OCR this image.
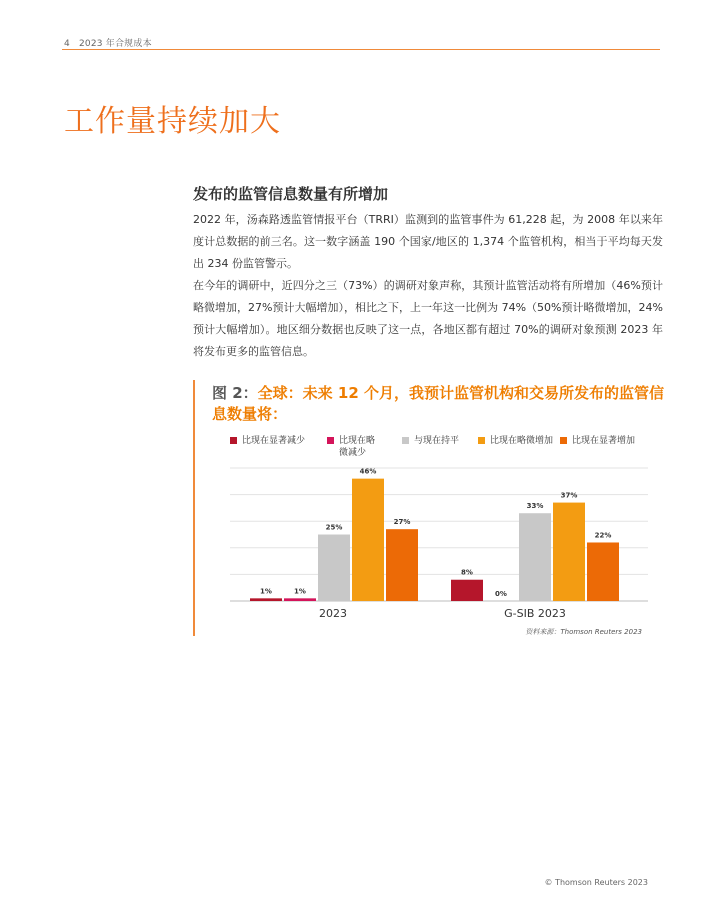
4 2023 年合规成本
工作量持续加大
发布的监管信息数量有所增加

2022 年，汤森路透监管情报平台（TRRI）监测到的监管事件为 61,228 起，为 2008 年以来年度计总数据的前三名。这一数字涵盖 190 个国家/地区的 1,374 个监管机构，相当于平均每天发出 234 份监管警示。

在今年的调研中，近四分之三（73%）的调研对象声称，其预计监管活动将有所增加（46%预计略微增加，27%预计大幅增加），相比之下，上一年这一比例为 74%（50%预计略微增加，24%预计大幅增加）。地区细分数据也反映了这一点，各地区都有超过 70%的调研对象预测 2023 年将发布更多的监管信息。

图 2：全球：未来 12 个月，我预计监管机构和交易所发布的监管信息数量将：
比现在显著减少	比现在略微减少
与现在持平	比现在略微增加	比现在显著增加
1%	1%
25%
46%
27%
2023
8%
0%
33%
37%
22%
G-SIB 2023
资料来源：Thomson Reuters 2023
© Thomson Reuters 2023
